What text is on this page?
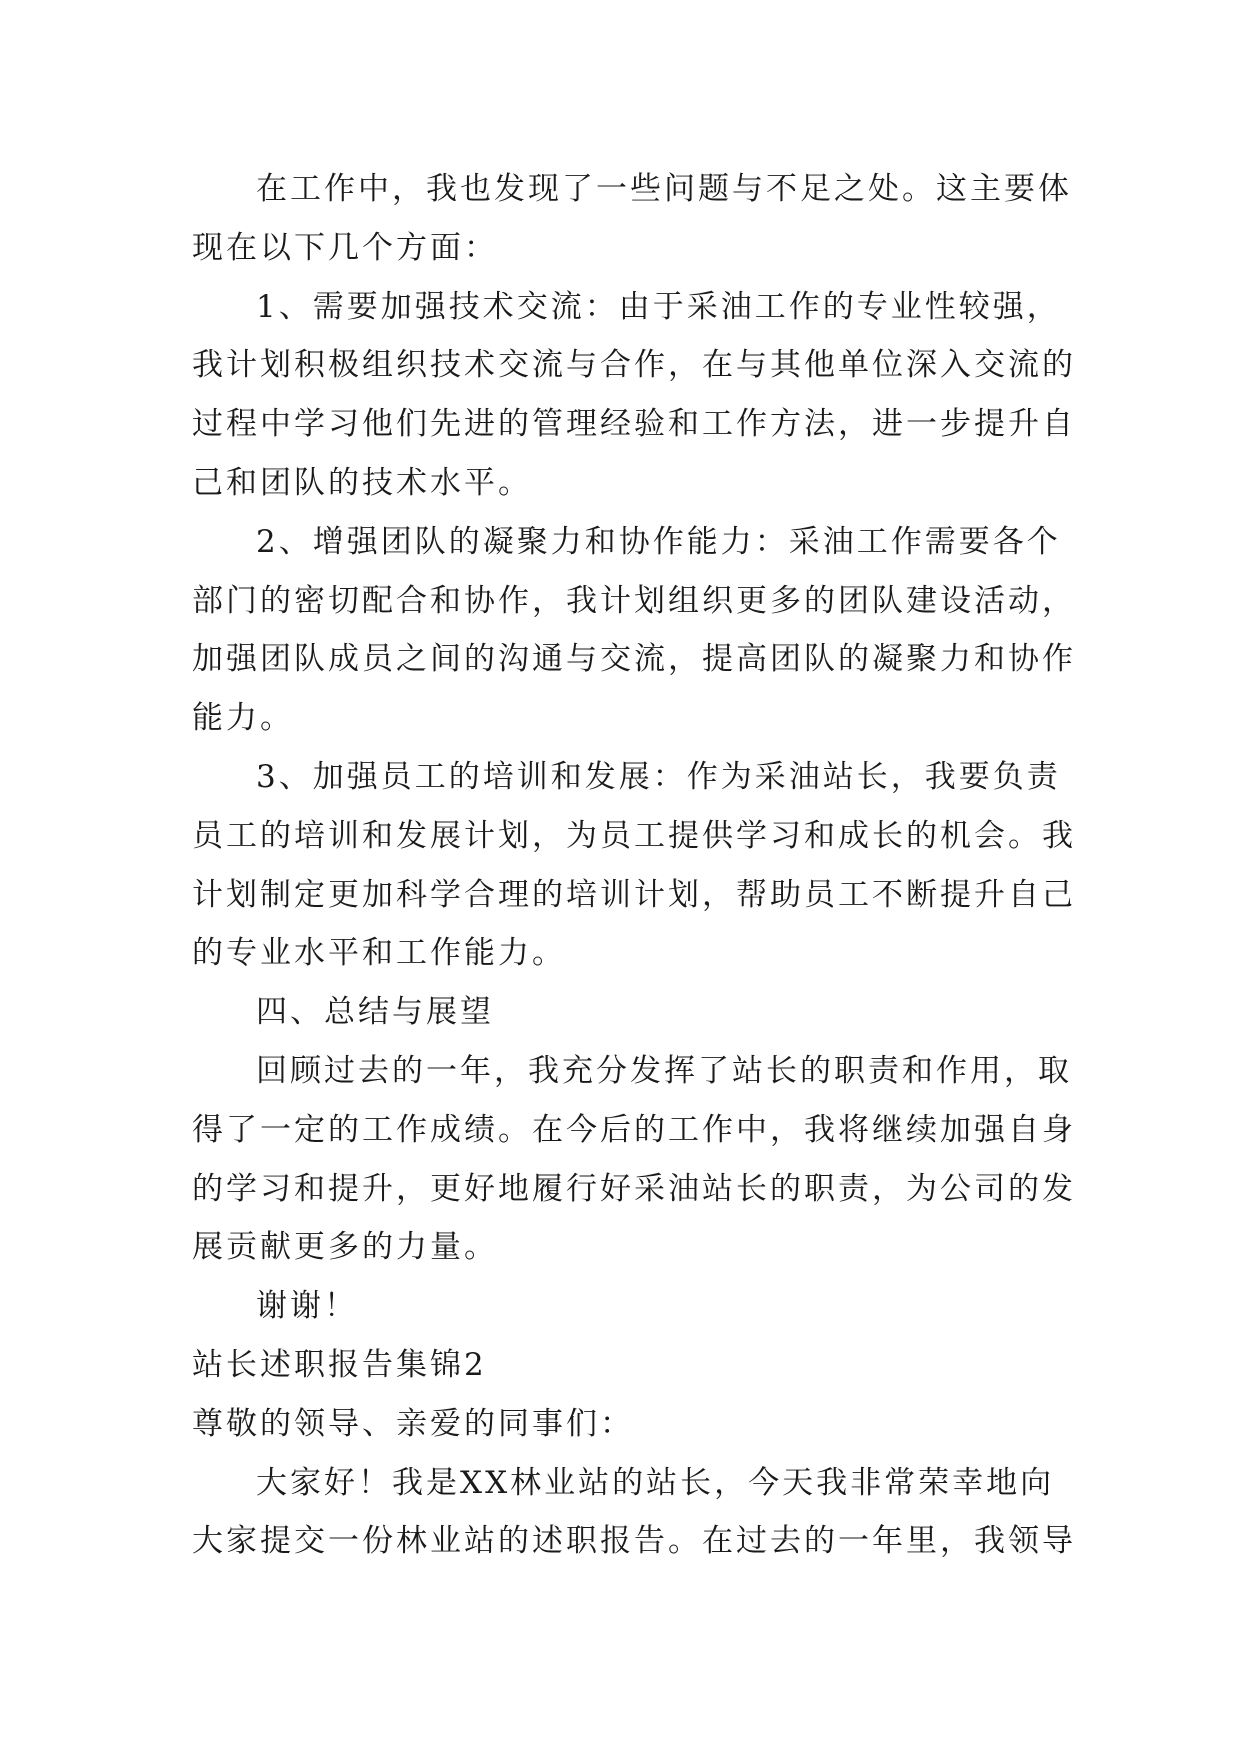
在工作中，我也发现了一些问题与不足之处。这主要体
现在以下几个方面：
1、需要加强技术交流：由于采油工作的专业性较强，
我计划积极组织技术交流与合作，在与其他单位深入交流的
过程中学习他们先进的管理经验和工作方法，进一步提升自
己和团队的技术水平。
2、增强团队的凝聚力和协作能力：采油工作需要各个
部门的密切配合和协作，我计划组织更多的团队建设活动，
加强团队成员之间的沟通与交流，提高团队的凝聚力和协作
能力。
3、加强员工的培训和发展：作为采油站长，我要负责
员工的培训和发展计划，为员工提供学习和成长的机会。我
计划制定更加科学合理的培训计划，帮助员工不断提升自己
的专业水平和工作能力。
四、总结与展望
回顾过去的一年，我充分发挥了站长的职责和作用，取
得了一定的工作成绩。在今后的工作中，我将继续加强自身
的学习和提升，更好地履行好采油站长的职责，为公司的发
展贡献更多的力量。
谢谢！
站长述职报告集锦2
尊敬的领导、亲爱的同事们：
大家好！我是XX林业站的站长，今天我非常荣幸地向
大家提交一份林业站的述职报告。在过去的一年里，我领导
